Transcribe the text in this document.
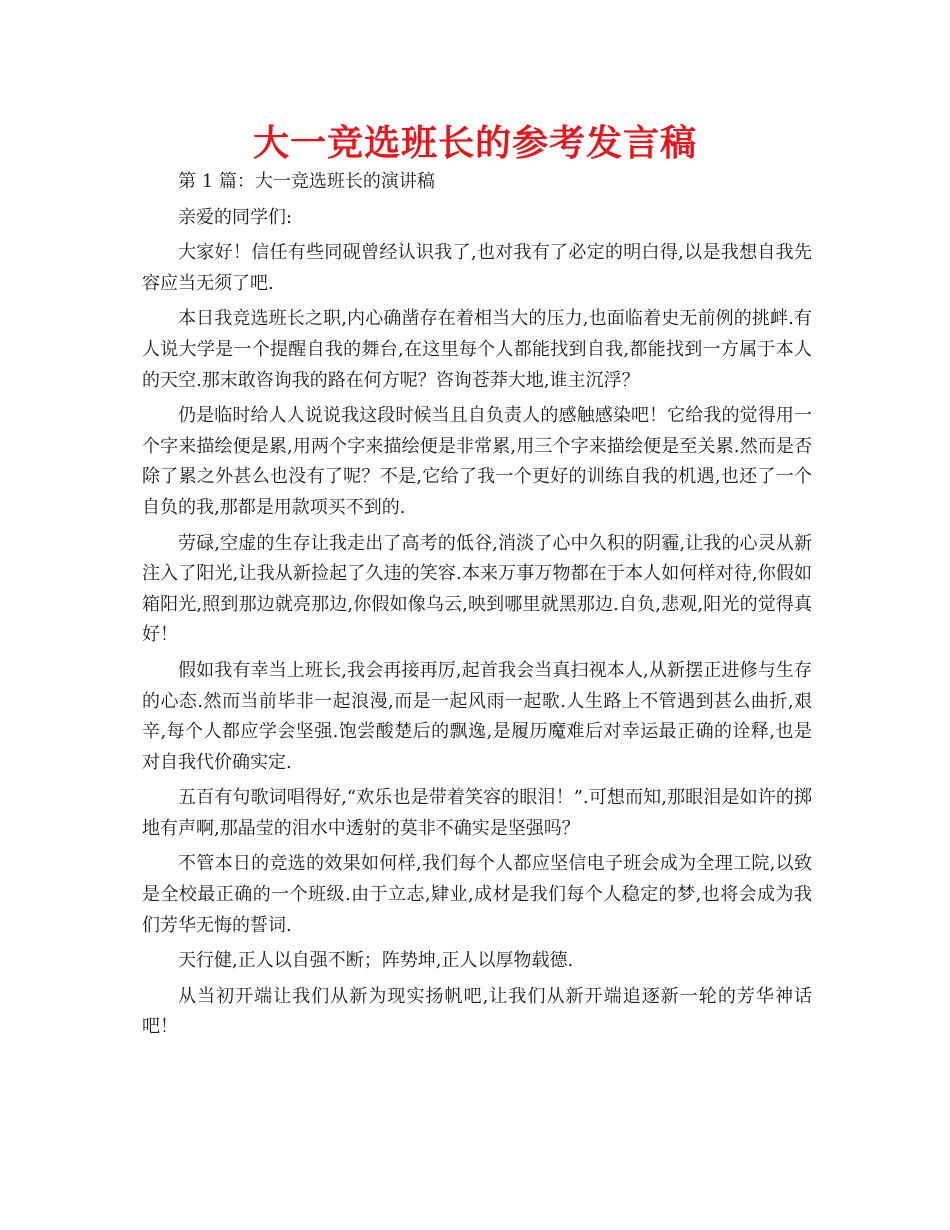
大一竞选班长的参考发言稿

第 1 篇：大一竞选班长的演讲稿

亲爱的同学们:

大家好！信任有些同砚曾经认识我了,也对我有了必定的明白得,以是我想自我先容应当无须了吧.

本日我竞选班长之职,内心确凿存在着相当大的压力,也面临着史无前例的挑衅.有人说大学是一个提醒自我的舞台,在这里每个人都能找到自我,都能找到一方属于本人的天空.那末敢咨询我的路在何方呢？咨询苍莽大地,谁主沉浮？

仍是临时给人人说说我这段时候当且自负责人的感触感染吧！它给我的觉得用一个字来描绘便是累,用两个字来描绘便是非常累,用三个字来描绘便是至关累.然而是否除了累之外甚么也没有了呢？不是,它给了我一个更好的训练自我的机遇,也还了一个自负的我,那都是用款项买不到的.

劳碌,空虚的生存让我走出了高考的低谷,消淡了心中久积的阴霾,让我的心灵从新注入了阳光,让我从新捡起了久违的笑容.本来万事万物都在于本人如何样对待,你假如箱阳光,照到那边就亮那边,你假如像乌云,映到哪里就黑那边.自负,悲观,阳光的觉得真好！

假如我有幸当上班长,我会再接再厉,起首我会当真扫视本人,从新摆正进修与生存的心态.然而当前毕非一起浪漫,而是一起风雨一起歌.人生路上不管遇到甚么曲折,艰辛,每个人都应学会坚强.饱尝酸楚后的飘逸,是履历魔难后对幸运最正确的诠释,也是对自我代价确实定.

五百有句歌词唱得好,“欢乐也是带着笑容的眼泪！”.可想而知,那眼泪是如许的掷地有声啊,那晶莹的泪水中透射的莫非不确实是坚强吗？

不管本日的竞选的效果如何样,我们每个人都应坚信电子班会成为全理工院,以致是全校最正确的一个班级.由于立志,肄业,成材是我们每个人稳定的梦,也将会成为我们芳华无悔的誓词.

天行健,正人以自强不断；阵势坤,正人以厚物载德.

从当初开端让我们从新为现实扬帆吧,让我们从新开端追逐新一轮的芳华神话吧！
